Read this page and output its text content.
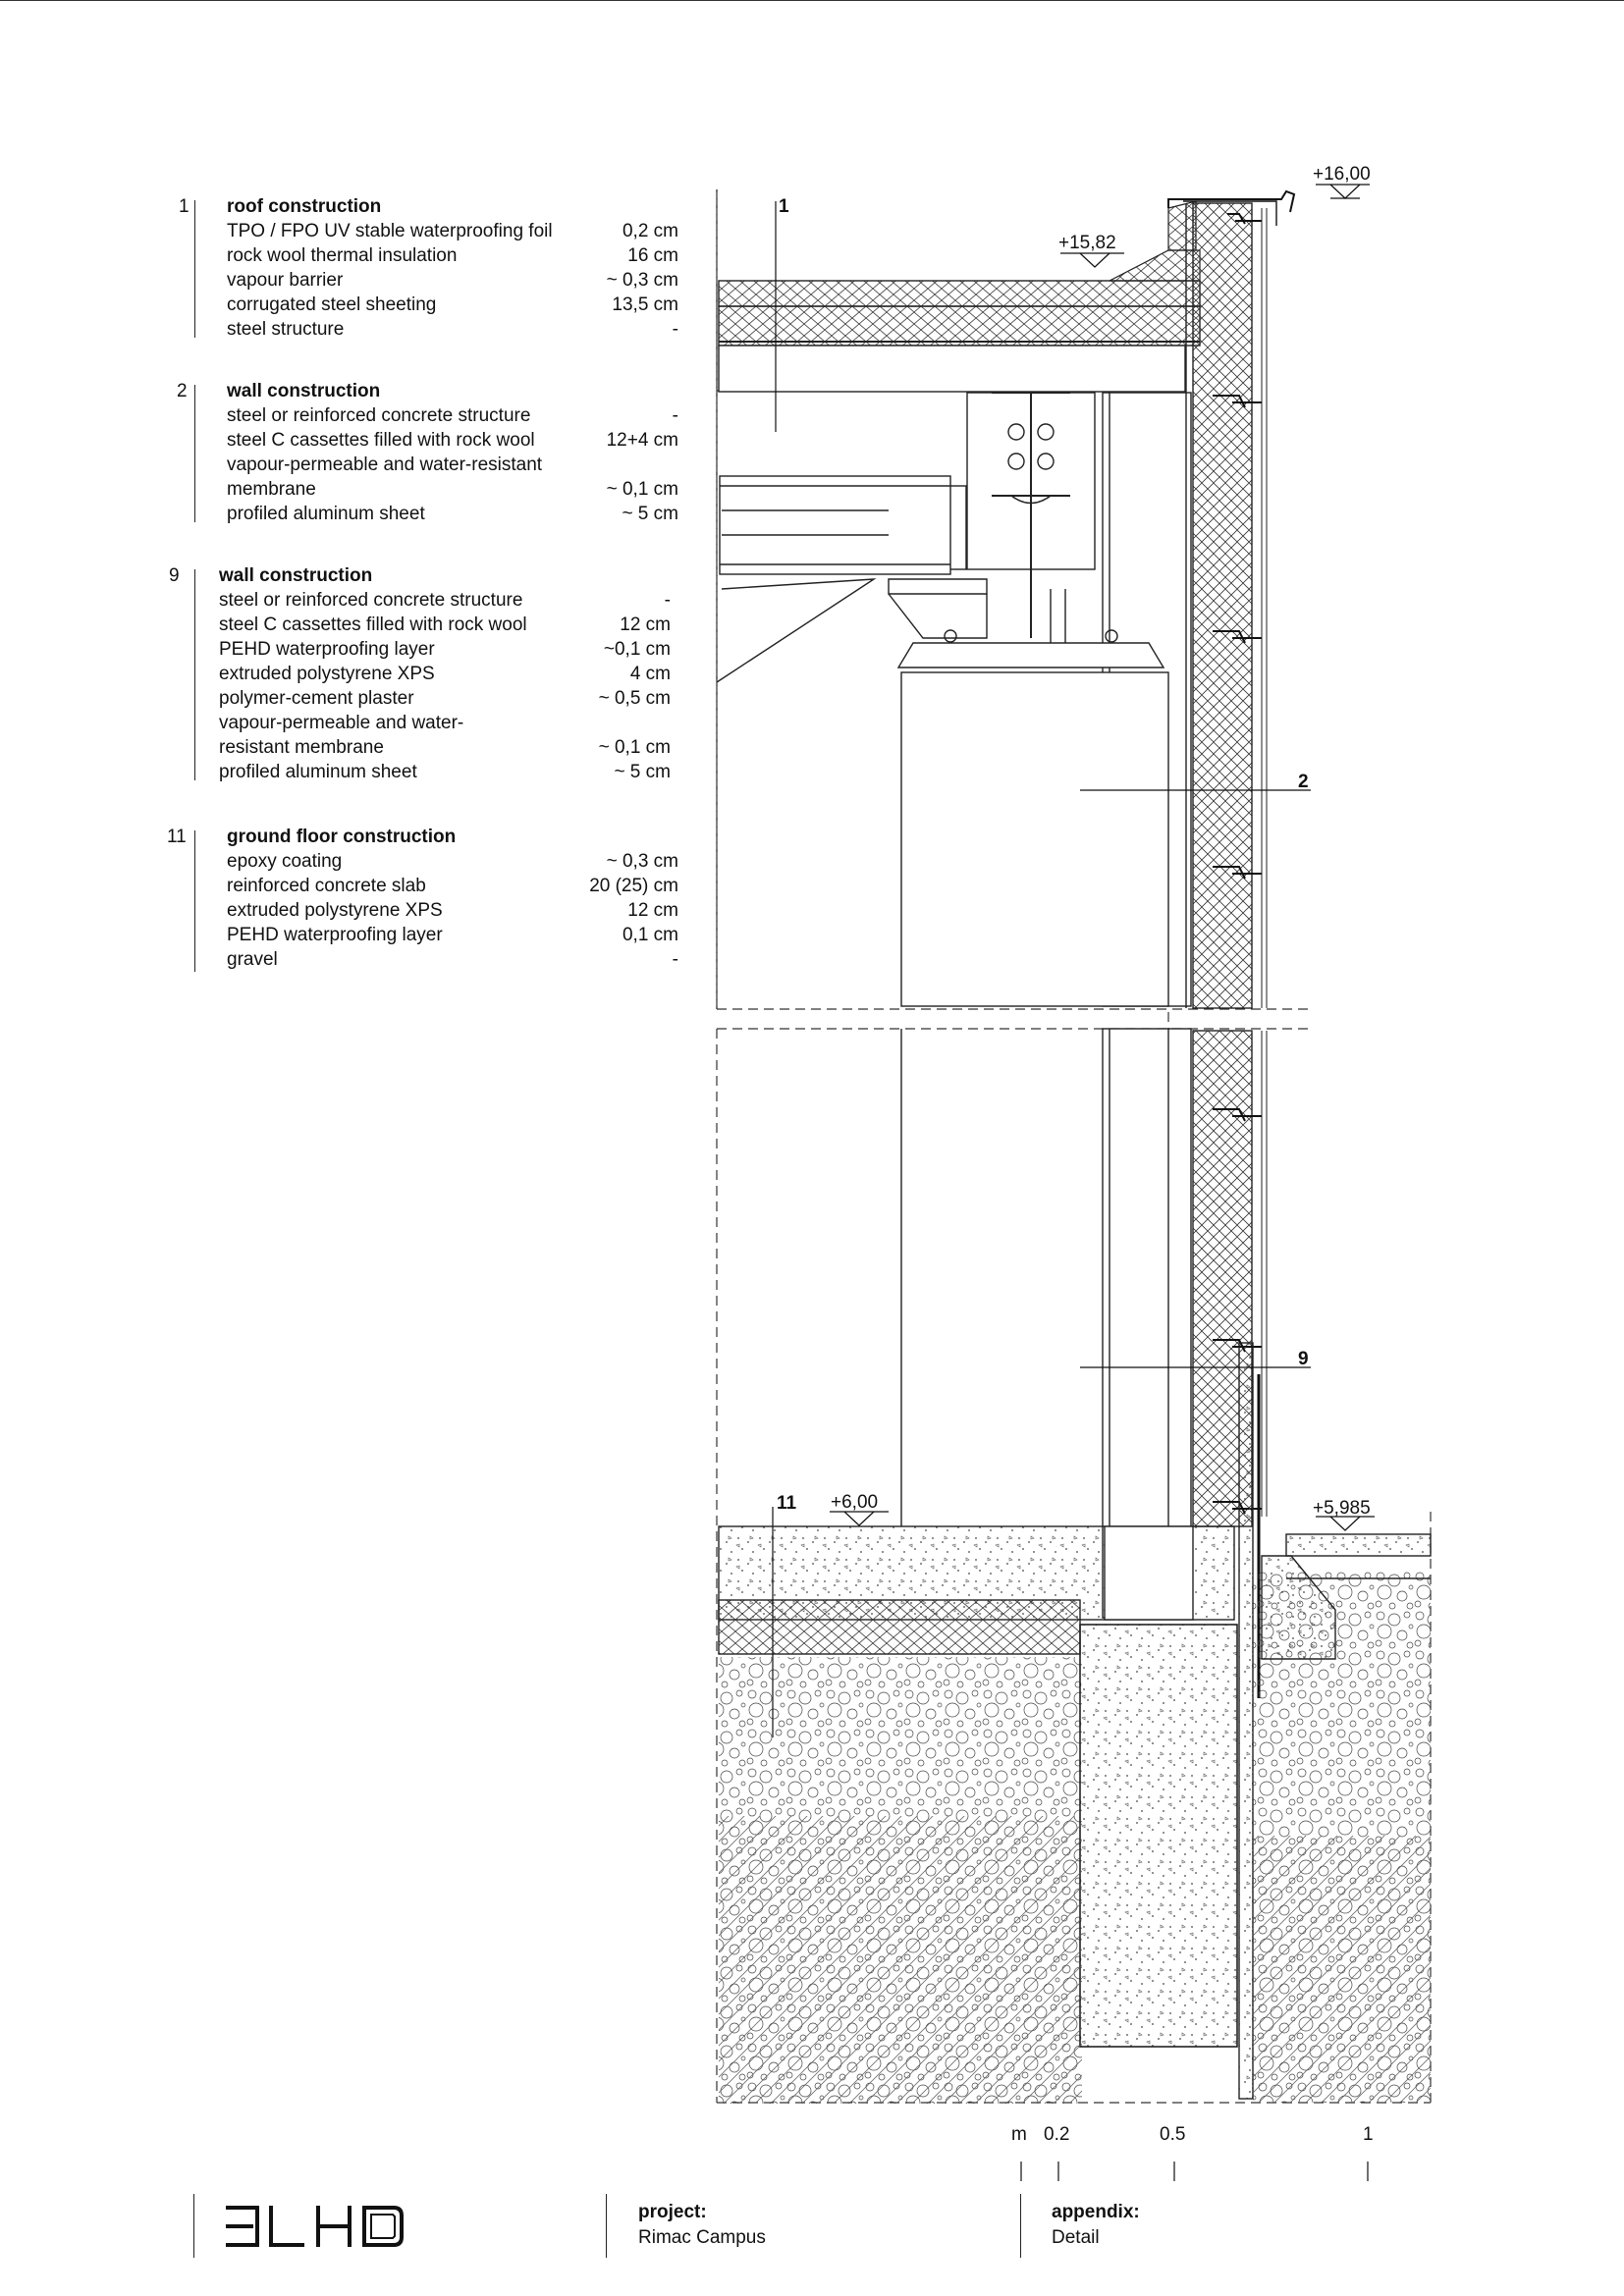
1 roof construction
TPO / FPO UV stable waterproofing foil	0,2 cm
rock wool thermal insulation	16 cm
vapour barrier	~ 0,3 cm
corrugated steel sheeting	13,5 cm
steel structure	-
2 wall construction
steel or reinforced concrete structure	-
steel C cassettes filled with rock wool	12+4 cm
vapour-permeable and water-resistant
membrane	~ 0,1 cm
profiled aluminum sheet	~ 5 cm
9 wall construction
steel or reinforced concrete structure	-
steel C cassettes filled with rock wool	12 cm
PEHD waterproofing layer	~0,1 cm
extruded polystyrene XPS	4 cm
polymer-cement plaster	~ 0,5 cm
vapour-permeable and water-
resistant membrane	~ 0,1 cm
profiled aluminum sheet	~ 5 cm
11 ground floor construction
epoxy coating	~ 0,3 cm
reinforced concrete slab	20 (25) cm
extruded polystyrene XPS	12 cm
PEHD waterproofing layer	0,1 cm
gravel	-
+16,00
+15,82
+6,00	+5,985
1
2
9
11
m 0.2	0.5	1
project:
Rimac Campus
appendix:
Detail
